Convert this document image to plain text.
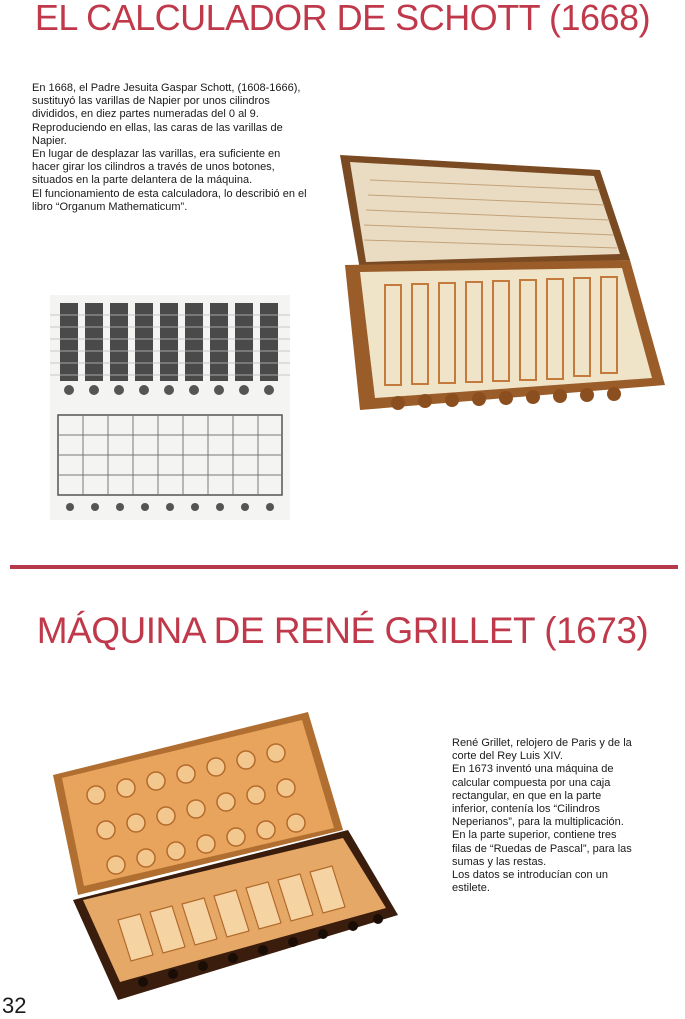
EL CALCULADOR DE SCHOTT (1668)

En 1668, el Padre Jesuita Gaspar Schott, (1608-1666), sustituyó las varillas de Napier por unos cilindros divididos, en diez partes numeradas del 0 al 9. Reproduciendo en ellas, las caras de las varillas de Napier.

En lugar de desplazar las varillas, era suficiente en hacer girar los cilindros a través de unos botones, situados en la parte delantera de la máquina.

El funcionamiento de esta calculadora, lo describió en el libro “Organum Mathematicum”.

MÁQUINA DE RENÉ GRILLET (1673)

René Grillet, relojero de Paris y de la corte del Rey Luis XIV.

En 1673 inventó una máquina de calcular compuesta por una caja rectangular, en que en la parte inferior, contenía los “Cilindros Neperianos”, para la multiplicación. En la parte superior, contiene tres filas de “Ruedas de Pascal”, para las sumas y las restas.

Los datos se introducían con un estilete.

32
